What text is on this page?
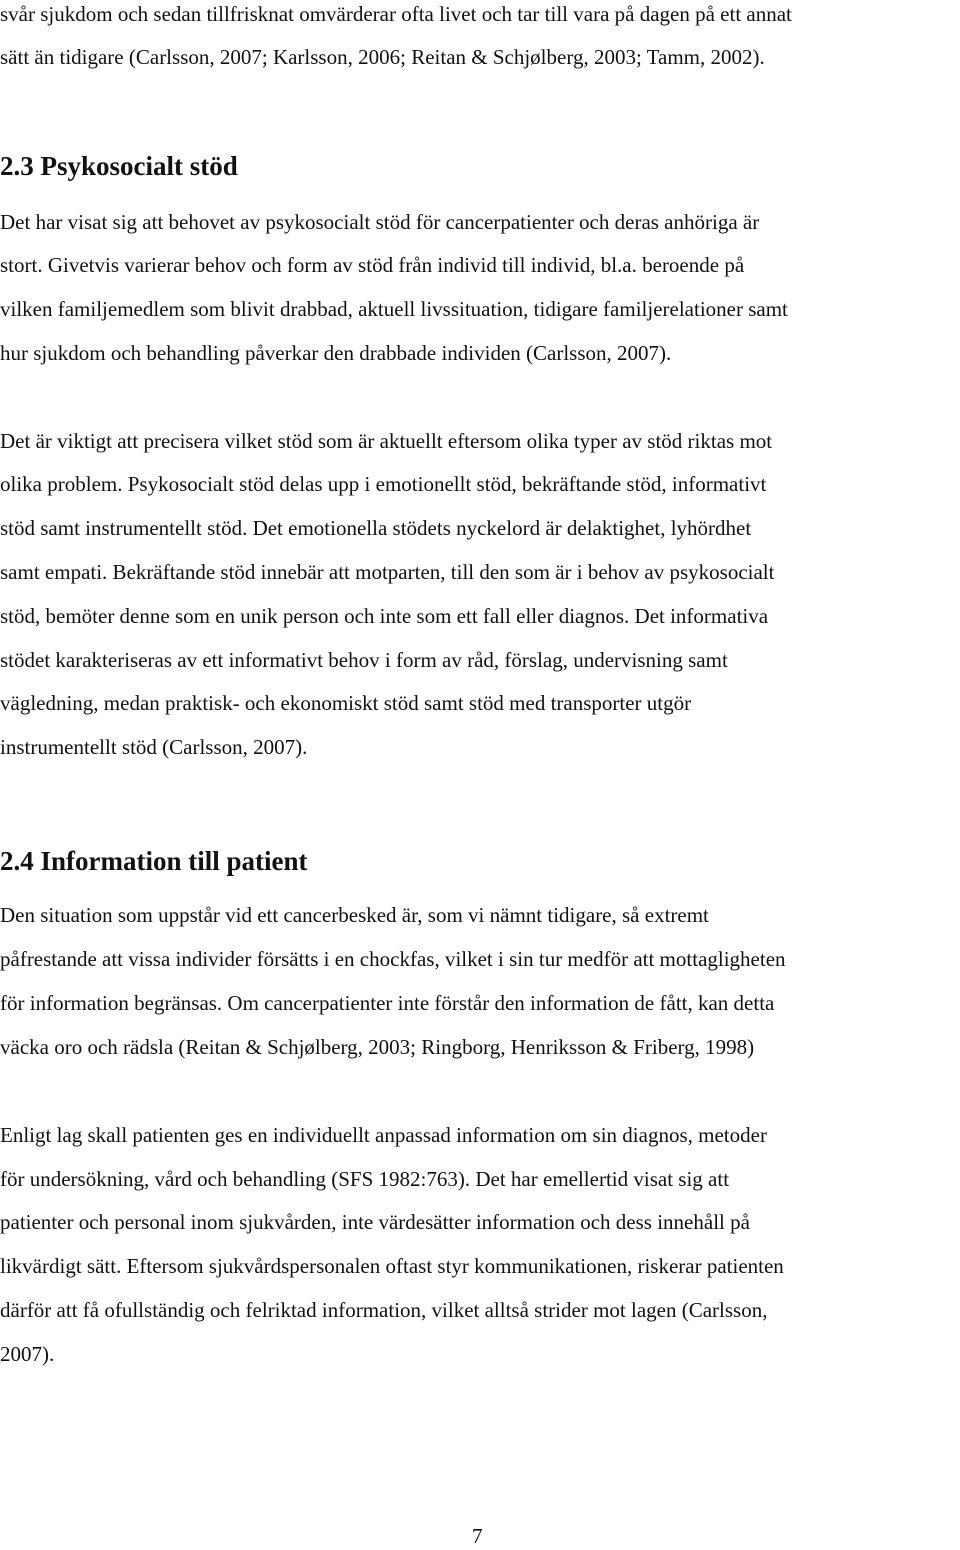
svår sjukdom och sedan tillfrisknat omvärderar ofta livet och tar till vara på dagen på ett annat

sätt än tidigare (Carlsson, 2007; Karlsson, 2006; Reitan & Schjølberg, 2003; Tamm, 2002).

2.3 Psykosocialt stöd

Det har visat sig att behovet av psykosocialt stöd för cancerpatienter och deras anhöriga är

stort. Givetvis varierar behov och form av stöd från individ till individ, bl.a. beroende på

vilken familjemedlem som blivit drabbad, aktuell livssituation, tidigare familjerelationer samt

hur sjukdom och behandling påverkar den drabbade individen (Carlsson, 2007).

Det är viktigt att precisera vilket stöd som är aktuellt eftersom olika typer av stöd riktas mot

olika problem. Psykosocialt stöd delas upp i emotionellt stöd, bekräftande stöd, informativt

stöd samt instrumentellt stöd. Det emotionella stödets nyckelord är delaktighet, lyhördhet

samt empati. Bekräftande stöd innebär att motparten, till den som är i behov av psykosocialt

stöd, bemöter denne som en unik person och inte som ett fall eller diagnos. Det informativa

stödet karakteriseras av ett informativt behov i form av råd, förslag, undervisning samt

vägledning, medan praktisk- och ekonomiskt stöd samt stöd med transporter utgör

instrumentellt stöd (Carlsson, 2007).

2.4 Information till patient

Den situation som uppstår vid ett cancerbesked är, som vi nämnt tidigare, så extremt

påfrestande att vissa individer försätts i en chockfas, vilket i sin tur medför att mottagligheten

för information begränsas. Om cancerpatienter inte förstår den information de fått, kan detta

väcka oro och rädsla (Reitan & Schjølberg, 2003; Ringborg, Henriksson & Friberg, 1998)

Enligt lag skall patienten ges en individuellt anpassad information om sin diagnos, metoder

för undersökning, vård och behandling (SFS 1982:763). Det har emellertid visat sig att

patienter och personal inom sjukvården, inte värdesätter information och dess innehåll på

likvärdigt sätt. Eftersom sjukvårdspersonalen oftast styr kommunikationen, riskerar patienten

därför att få ofullständig och felriktad information, vilket alltså strider mot lagen (Carlsson,

2007).

7
